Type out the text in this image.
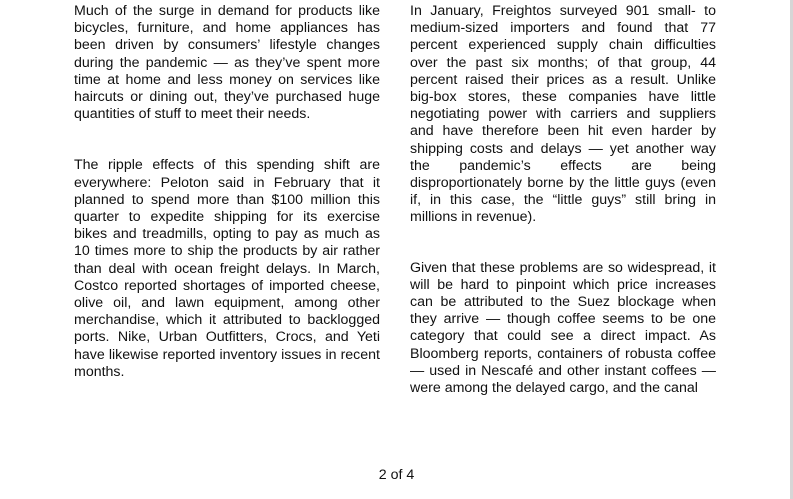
Much of the surge in demand for products like bicycles, furniture, and home appliances has been driven by consumers’ lifestyle changes during the pandemic — as they’ve spent more time at home and less money on services like haircuts or dining out, they’ve purchased huge quantities of stuff to meet their needs.

The ripple effects of this spending shift are everywhere: Peloton said in February that it planned to spend more than $100 million this quarter to expedite shipping for its exercise bikes and treadmills, opting to pay as much as 10 times more to ship the products by air rather than deal with ocean freight delays. In March, Costco reported shortages of imported cheese, olive oil, and lawn equipment, among other merchandise, which it attributed to backlogged ports. Nike, Urban Outfitters, Crocs, and Yeti have likewise reported inventory issues in recent months.

In January, Freightos surveyed 901 small- to medium-sized importers and found that 77 percent experienced supply chain difficulties over the past six months; of that group, 44 percent raised their prices as a result. Unlike big-box stores, these companies have little negotiating power with carriers and suppliers and have therefore been hit even harder by shipping costs and delays — yet another way the pandemic’s effects are being disproportionately borne by the little guys (even if, in this case, the “little guys” still bring in millions in revenue).

Given that these problems are so widespread, it will be hard to pinpoint which price increases can be attributed to the Suez blockage when they arrive — though coffee seems to be one category that could see a direct impact. As Bloomberg reports, containers of robusta coffee — used in Nescafé and other instant coffees — were among the delayed cargo, and the canal

2 of 4
